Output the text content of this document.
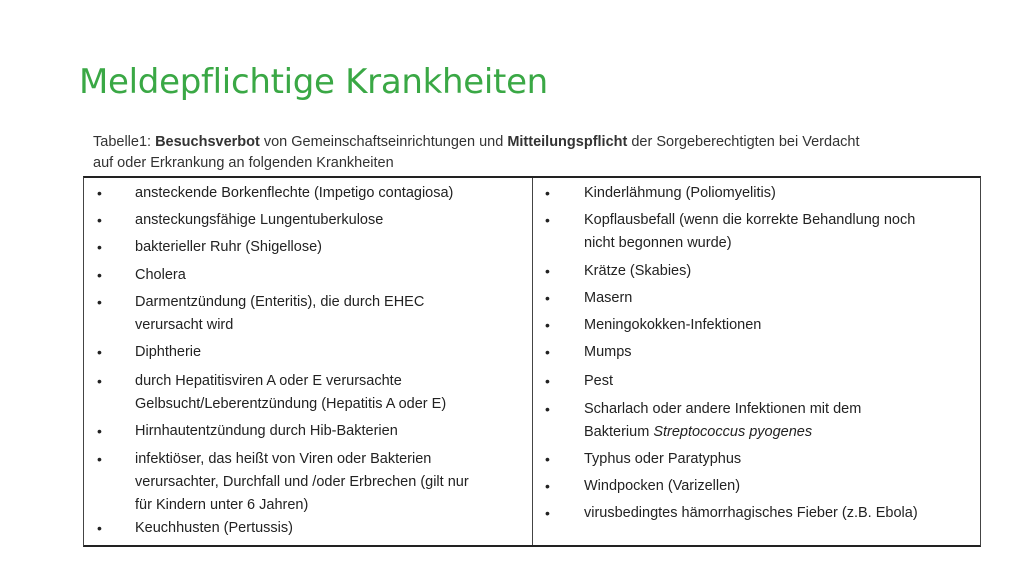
Meldepflichtige Krankheiten
Tabelle1: Besuchsverbot von Gemeinschaftseinrichtungen und Mitteilungspflicht der Sorgeberechtigten bei Verdacht
auf oder Erkrankung an folgenden Krankheiten
• ansteckende Borkenflechte (Impetigo contagiosa)
• ansteckungsfähige Lungentuberkulose
• bakterieller Ruhr (Shigellose)
• Cholera
• Darmentzündung (Enteritis), die durch EHEC
verursacht wird
• Diphtherie
• durch Hepatitisviren A oder E verursachte
Gelbsucht/Leberentzündung (Hepatitis A oder E)
• Hirnhautentzündung durch Hib-Bakterien
• infektiöser, das heißt von Viren oder Bakterien
verursachter, Durchfall und /oder Erbrechen (gilt nur
für Kindern unter 6 Jahren)
• Keuchhusten (Pertussis)
• Kinderlähmung (Poliomyelitis)
• Kopflausbefall (wenn die korrekte Behandlung noch
nicht begonnen wurde)
• Krätze (Skabies)
• Masern
• Meningokokken-Infektionen
• Mumps
• Pest
• Scharlach oder andere Infektionen mit dem
Bakterium Streptococcus pyogenes
• Typhus oder Paratyphus
• Windpocken (Varizellen)
• virusbedingtes hämorrhagisches Fieber (z.B. Ebola)
